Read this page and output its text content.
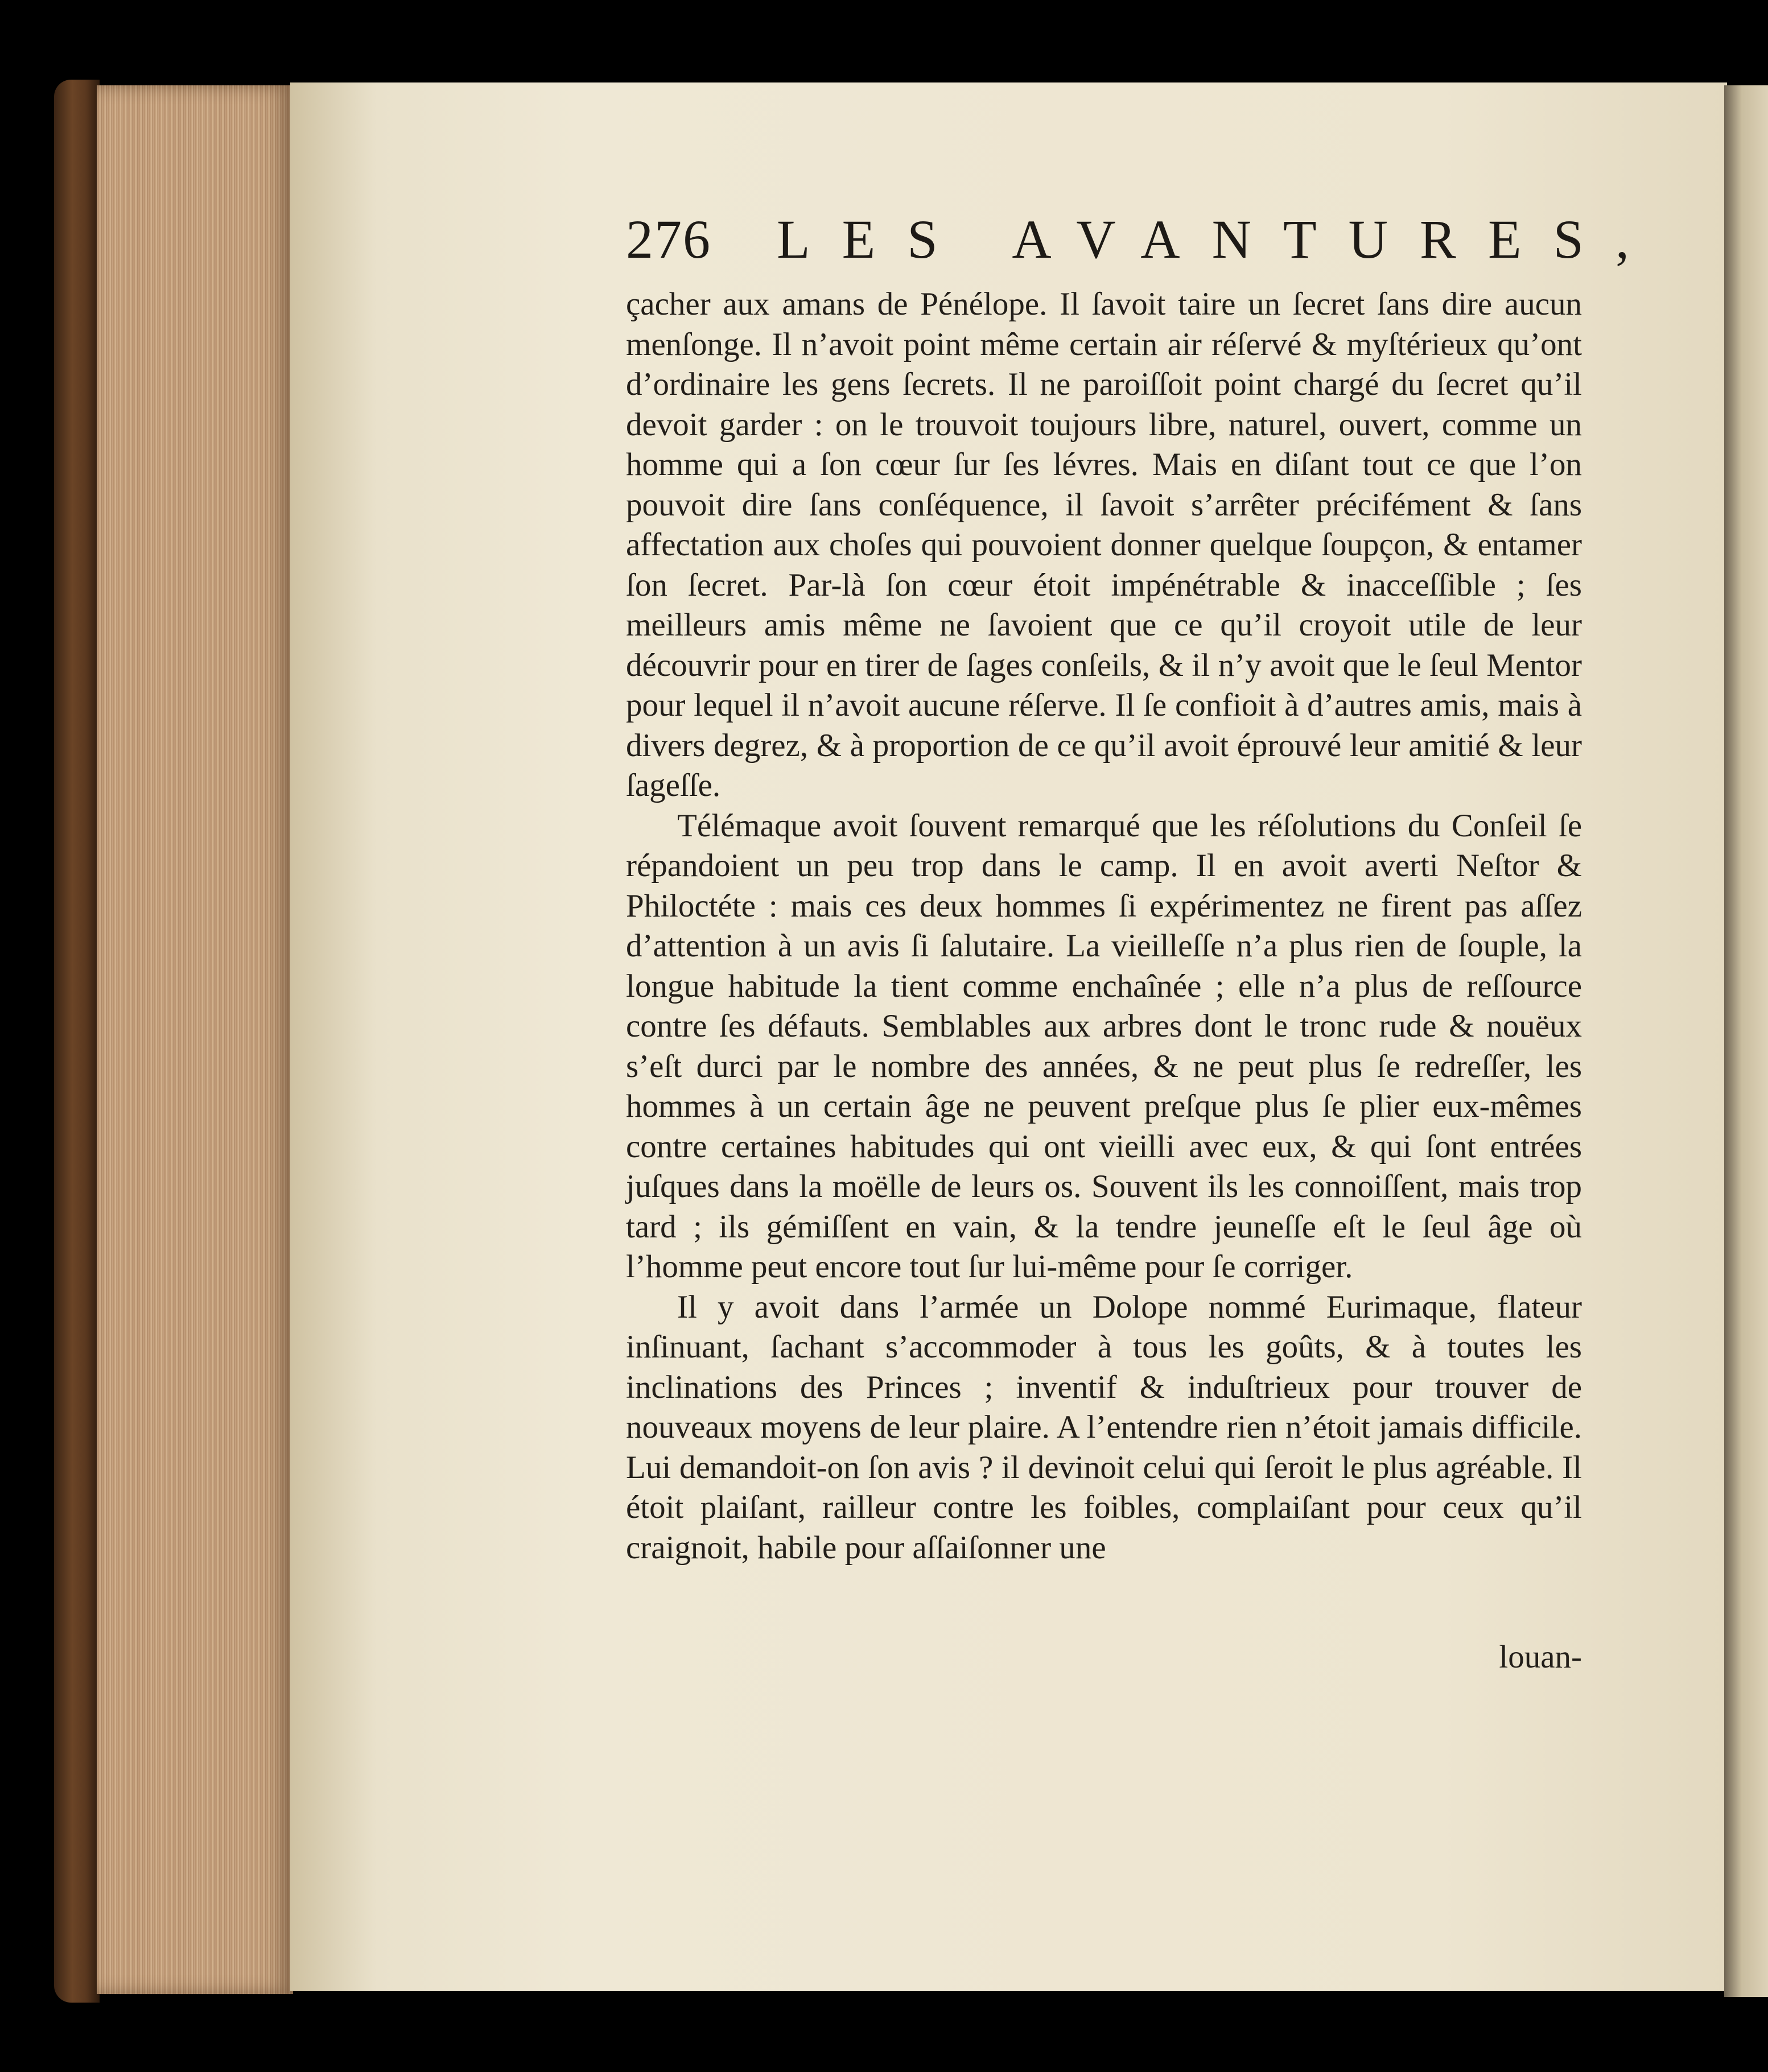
276 LES AVANTURES,

çacher aux amans de Pénélope. Il ſavoit taire un ſecret ſans dire aucun menſonge. Il n’avoit point même certain air réſervé & myſtérieux qu’ont d’ordinaire les gens ſecrets. Il ne paroiſſoit point chargé du ſecret qu’il devoit garder : on le trouvoit toujours libre, naturel, ouvert, comme un homme qui a ſon cœur ſur ſes lévres. Mais en diſant tout ce que l’on pouvoit dire ſans conſéquence, il ſavoit s’arrêter précifément & ſans affectation aux choſes qui pouvoient donner quelque ſoupçon, & entamer ſon ſecret. Par-là ſon cœur étoit impénétrable & inacceſſible ; ſes meilleurs amis même ne ſavoient que ce qu’il croyoit utile de leur découvrir pour en tirer de ſages conſeils, & il n’y avoit que le ſeul Mentor pour lequel il n’avoit aucune réſerve. Il ſe confioit à d’autres amis, mais à divers degrez, & à proportion de ce qu’il avoit éprouvé leur amitié & leur ſageſſe.

Télémaque avoit ſouvent remarqué que les réſolutions du Conſeil ſe répandoient un peu trop dans le camp. Il en avoit averti Neſtor & Philoctéte : mais ces deux hommes ſi expérimentez ne firent pas aſſez d’attention à un avis ſi ſalutaire. La vieilleſſe n’a plus rien de ſouple, la longue habitude la tient comme enchaînée ; elle n’a plus de reſſource contre ſes défauts. Semblables aux arbres dont le tronc rude & nouëux s’eſt durci par le nombre des années, & ne peut plus ſe redreſſer, les hommes à un certain âge ne peuvent preſque plus ſe plier eux-mêmes contre certaines habitudes qui ont vieilli avec eux, & qui ſont entrées juſques dans la moëlle de leurs os. Souvent ils les connoiſſent, mais trop tard ; ils gémiſſent en vain, & la tendre jeuneſſe eſt le ſeul âge où l’homme peut encore tout ſur lui-même pour ſe corriger.

Il y avoit dans l’armée un Dolope nommé Eurimaque, flateur inſinuant, ſachant s’accommoder à tous les goûts, & à toutes les inclinations des Princes ; inventif & induſtrieux pour trouver de nouveaux moyens de leur plaire. A l’entendre rien n’étoit jamais difficile. Lui demandoit-on ſon avis ? il devinoit celui qui ſeroit le plus agréable. Il étoit plaiſant, railleur contre les foibles, complaiſant pour ceux qu’il craignoit, habile pour aſſaiſonner une

louan-
